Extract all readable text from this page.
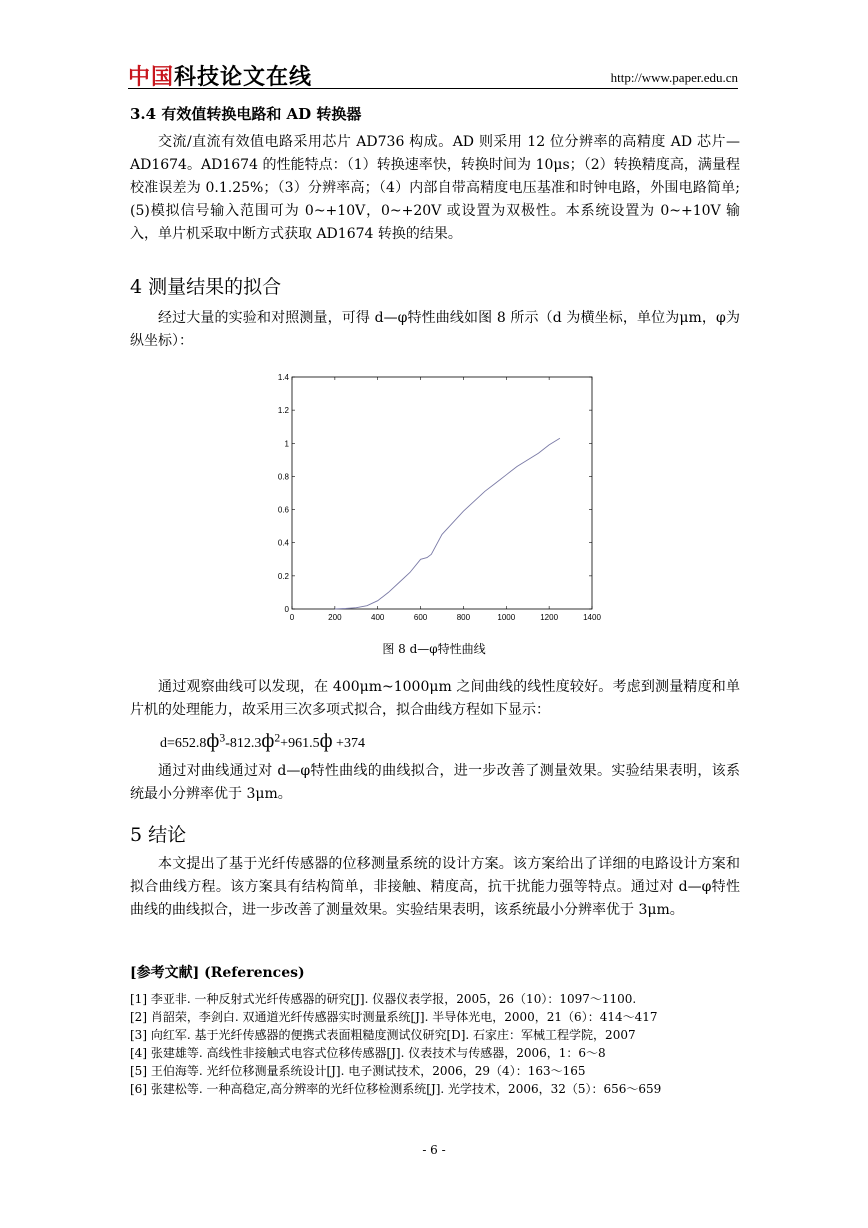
中国科技论文在线	http://www.paper.edu.cn
3.4 有效值转换电路和 AD 转换器

交流/直流有效值电路采用芯片 AD736 构成。AD 则采用 12 位分辨率的高精度 AD 芯片—AD1674。AD1674 的性能特点：（1）转换速率快，转换时间为 10μs；（2）转换精度高，满量程校准误差为 0.1.25%；（3）分辨率高；（4）内部自带高精度电压基准和时钟电路，外围电路简单;(5)模拟信号输入范围可为 0~+10V，0~+20V 或设置为双极性。本系统设置为 0~+10V 输入，单片机采取中断方式获取 AD1674 转换的结果。

4 测量结果的拟合

经过大量的实验和对照测量，可得 d—φ特性曲线如图 8 所示（d 为横坐标，单位为μm，φ为纵坐标）：

0	200	400	600	800	1000	1200	1400
0
0.2
0.4
0.6
0.8
1
1.2
1.4
图 8 d—φ特性曲线

通过观察曲线可以发现，在 400μm~1000μm 之间曲线的线性度较好。考虑到测量精度和单片机的处理能力，故采用三次多项式拟合，拟合曲线方程如下显示：

$d=652.8ф^3-812.3ф^2+961.5ф +374$

通过对曲线通过对 d—φ特性曲线的曲线拟合，进一步改善了测量效果。实验结果表明，该系统最小分辨率优于 3μm。

5 结论

本文提出了基于光纤传感器的位移测量系统的设计方案。该方案给出了详细的电路设计方案和拟合曲线方程。该方案具有结构简单，非接触、精度高，抗干扰能力强等特点。通过对 d—φ特性曲线的曲线拟合，进一步改善了测量效果。实验结果表明，该系统最小分辨率优于 3μm。

[参考文献] (References)
[1] 李亚非. 一种反射式光纤传感器的研究[J]. 仪器仪表学报，2005，26（10）：1097～1100.
[2] 肖韶荣，李剑白. 双通道光纤传感器实时测量系统[J]. 半导体光电，2000，21（6）：414～417
[3] 向红军. 基于光纤传感器的便携式表面粗糙度测试仪研究[D]. 石家庄：军械工程学院，2007
[4] 张建雄等. 高线性非接触式电容式位移传感器[J]. 仪表技术与传感器，2006，1：6～8
[5] 王伯海等. 光纤位移测量系统设计[J]. 电子测试技术，2006，29（4）：163～165
[6] 张建松等. 一种高稳定,高分辨率的光纤位移检测系统[J]. 光学技术，2006，32（5）：656～659
- 6 -
